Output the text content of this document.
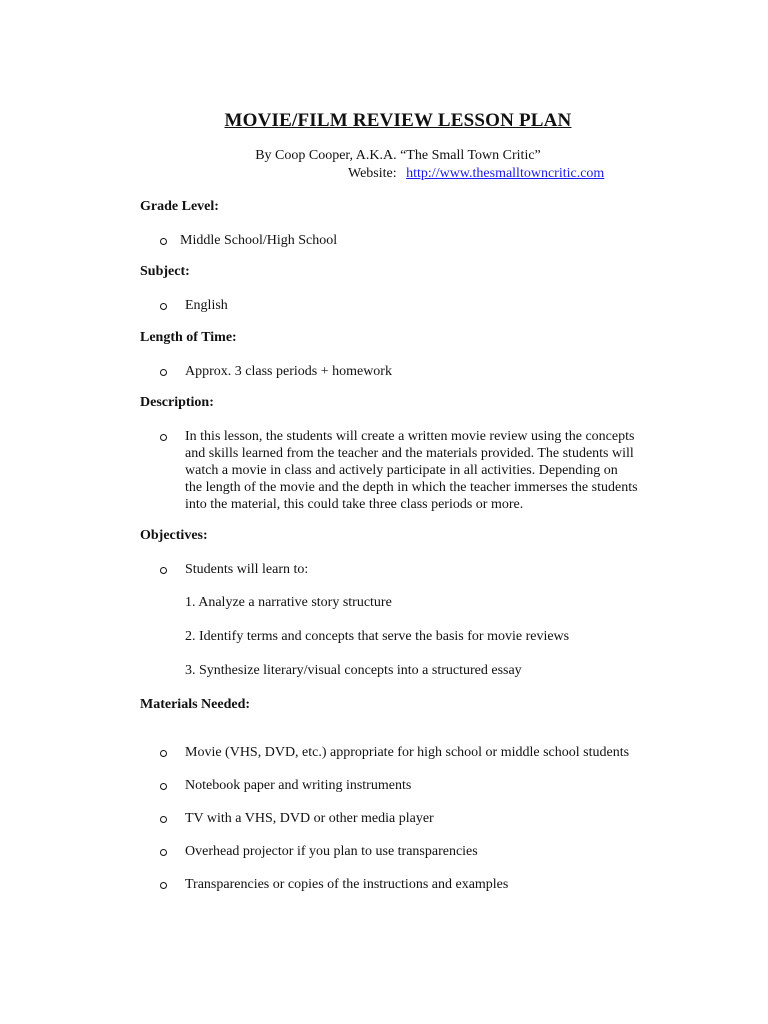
MOVIE/FILM REVIEW LESSON PLAN
By Coop Cooper, A.K.A. “The Small Town Critic”
Website: http://www.thesmalltowncritic.com
Grade Level:
Middle School/High School
Subject:
English
Length of Time:
Approx. 3 class periods + homework
Description:
In this lesson, the students will create a written movie review using the concepts
and skills learned from the teacher and the materials provided. The students will
watch a movie in class and actively participate in all activities. Depending on
the length of the movie and the depth in which the teacher immerses the students
into the material, this could take three class periods or more.
Objectives:
Students will learn to:
1. Analyze a narrative story structure
2. Identify terms and concepts that serve the basis for movie reviews
3. Synthesize literary/visual concepts into a structured essay
Materials Needed:
Movie (VHS, DVD, etc.) appropriate for high school or middle school students
Notebook paper and writing instruments
TV with a VHS, DVD or other media player
Overhead projector if you plan to use transparencies
Transparencies or copies of the instructions and examples
